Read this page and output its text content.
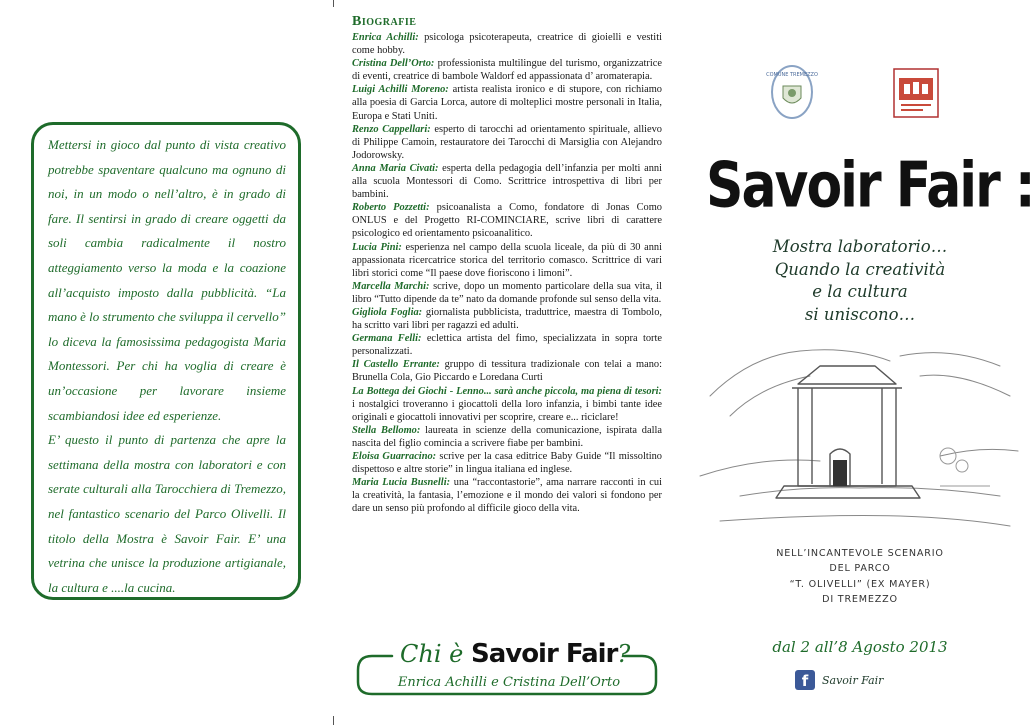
Mettersi in gioco dal punto di vista creativo potrebbe spaventare qualcuno ma ognuno di noi, in un modo o nell’altro, è in grado di fare. Il sentirsi in grado di creare oggetti da soli cambia radicalmente il nostro atteggiamento verso la moda e la coazione all’acquisto imposto dalla pubblicità. “La mano è lo strumento che sviluppa il cervello” lo diceva la famosissima pedagogista Maria Montessori. Per chi ha voglia di creare è un’occasione per lavorare insieme scambiandosi idee ed esperienze.

E’ questo il punto di partenza che apre la settimana della mostra con laboratori e con serate culturali alla Tarocchiera di Tremezzo, nel fantastico scenario del Parco Olivelli. Il titolo della Mostra è Savoir Fair. E’ una vetrina che unisce la produzione artigianale, la cultura e ....la cucina.

Biografie
Enrica Achilli: psicologa psicoterapeuta, creatrice di gioielli e vestiti come hobby.
Cristina Dell’Orto: professionista multilingue del turismo, organizzatrice di eventi, creatrice di bambole Waldorf ed appassionata d’ aromaterapia.
Luigi Achilli Moreno: artista realista ironico e di stupore, con richiamo alla poesia di Garcia Lorca, autore di molteplici mostre personali in Italia, Europa e Stati Uniti.
Renzo Cappellari: esperto di tarocchi ad orientamento spirituale, allievo di Philippe Camoin, restauratore dei Tarocchi di Marsiglia con Alejandro Jodorowsky.
Anna Maria Civati: esperta della pedagogia dell’infanzia per molti anni alla scuola Montessori di Como. Scrittrice introspettiva di libri per bambini.
Roberto Pozzetti: psicoanalista a Como, fondatore di Jonas Como ONLUS e del Progetto RI-COMINCIARE, scrive libri di carattere psicologico ed orientamento psicoanalitico.
Lucia Pini: esperienza nel campo della scuola liceale, da più di 30 anni appassionata ricercatrice storica del territorio comasco. Scrittrice di vari libri storici come “Il paese dove fioriscono i limoni”.
Marcella Marchi: scrive, dopo un momento particolare della sua vita, il libro “Tutto dipende da te” nato da domande profonde sul senso della vita.
Gigliola Foglia: giornalista pubblicista, traduttrice, maestra di Tombolo, ha scritto vari libri per ragazzi ed adulti.
Germana Felli: eclettica artista del fimo, specializzata in sopra torte personalizzati.
Il Castello Errante: gruppo di tessitura tradizionale con telai a mano: Brunella Cola, Gio Piccardo e Loredana Curti
La Bottega dei Giochi - Lenno... sarà anche piccola, ma piena di tesori: i nostalgici troveranno i giocattoli della loro infanzia, i bimbi tante idee originali e giocattoli innovativi per scoprire, creare e... riciclare!
Stella Bellomo: laureata in scienze della comunicazione, ispirata dalla nascita del figlio comincia a scrivere fiabe per bambini.
Eloisa Guarracino: scrive per la casa editrice Baby Guide “Il missoltino dispettoso e altre storie” in lingua italiana ed inglese.
Maria Lucia Busnelli: una “raccontastorie”, ama narrare racconti in cui la creatività, la fantasia, l’emozione e il mondo dei valori si fondono per dare un senso più profondo al difficile gioco della vita.
Chi è Savoir Fair?
Enrica Achilli e Cristina Dell’Orto
COMUNE TREMEZZO
Savoir Fair :

Mostra laboratorio…

Quando la creatività

e la cultura

si uniscono…

NELL’INCANTEVOLE SCENARIO

DEL PARCO

“T. OLIVELLI” (EX MAYER)

DI TREMEZZO

dal 2 all’8 Agosto 2013
f	Savoir Fair
